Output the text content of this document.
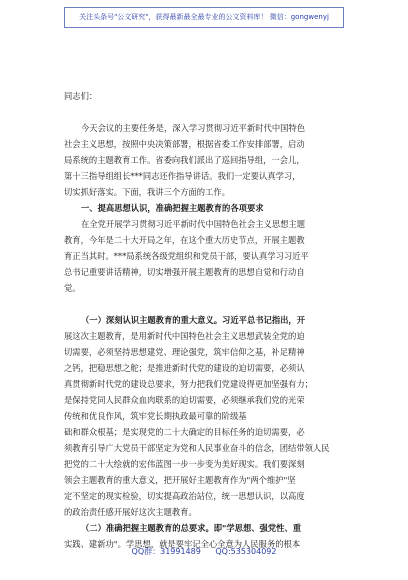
关注头条号"公文研究"，获得最新最全最专业的公文资料库！ 微信：gongwenyj
同志们：
今天会议的主要任务是，深入学习贯彻习近平新时代中国特色
社会主义思想，按照中央决策部署，根据省委工作安排部署，启动
局系统的主题教育工作。省委向我们派出了巡回指导组，一会儿，
第十三指导组组长***同志还作指导讲话。我们一定要认真学习，
切实抓好落实。下面，我讲三个方面的工作。
一、提高思想认识，准确把握主题教育的各项要求
在全党开展学习贯彻习近平新时代中国特色社会主义思想主题
教育，今年是二十大开局之年，在这个重大历史节点，开展主题教
育正当其时。***局系统各级党组织和党员干部，要认真学习习近平
总书记重要讲话精神，切实增强开展主题教育的思想自觉和行动自
觉。
（一）深刻认识主题教育的重大意义。习近平总书记指出，开
展这次主题教育，是用新时代中国特色社会主义思想武装全党的迫
切需要，必须坚持思想建党、理论强党，筑牢信仰之基，补足精神
之钙，把稳思想之舵；是推进新时代党的建设的迫切需要，必须认
真贯彻新时代党的建设总要求，努力把我们党建设得更加坚强有力；
是保持党同人民群众血肉联系的迫切需要，必须继承我们党的光荣
传统和优良作风，筑牢党长期执政最可靠的阶级基
础和群众根基；是实现党的二十大确定的目标任务的迫切需要，必
须教育引导广大党员干部坚定为党和人民事业奋斗的信念，团结带领人民
把党的二十大绘就的宏伟蓝图一步一步变为美好现实。我们要深刻
领会主题教育的重大意义，把开展好主题教育作为"两个维护"坚
定不坚定的现实检验，切实提高政治站位，统一思想认识，以高度
的政治责任感开展好这次主题教育。
（二）准确把握主题教育的总要求。即"学思想、强党性、重
实践、建新功"。学思想，就是要牢记全心全意为人民服务的根本
QQ群：31991489 QQ:535304092
